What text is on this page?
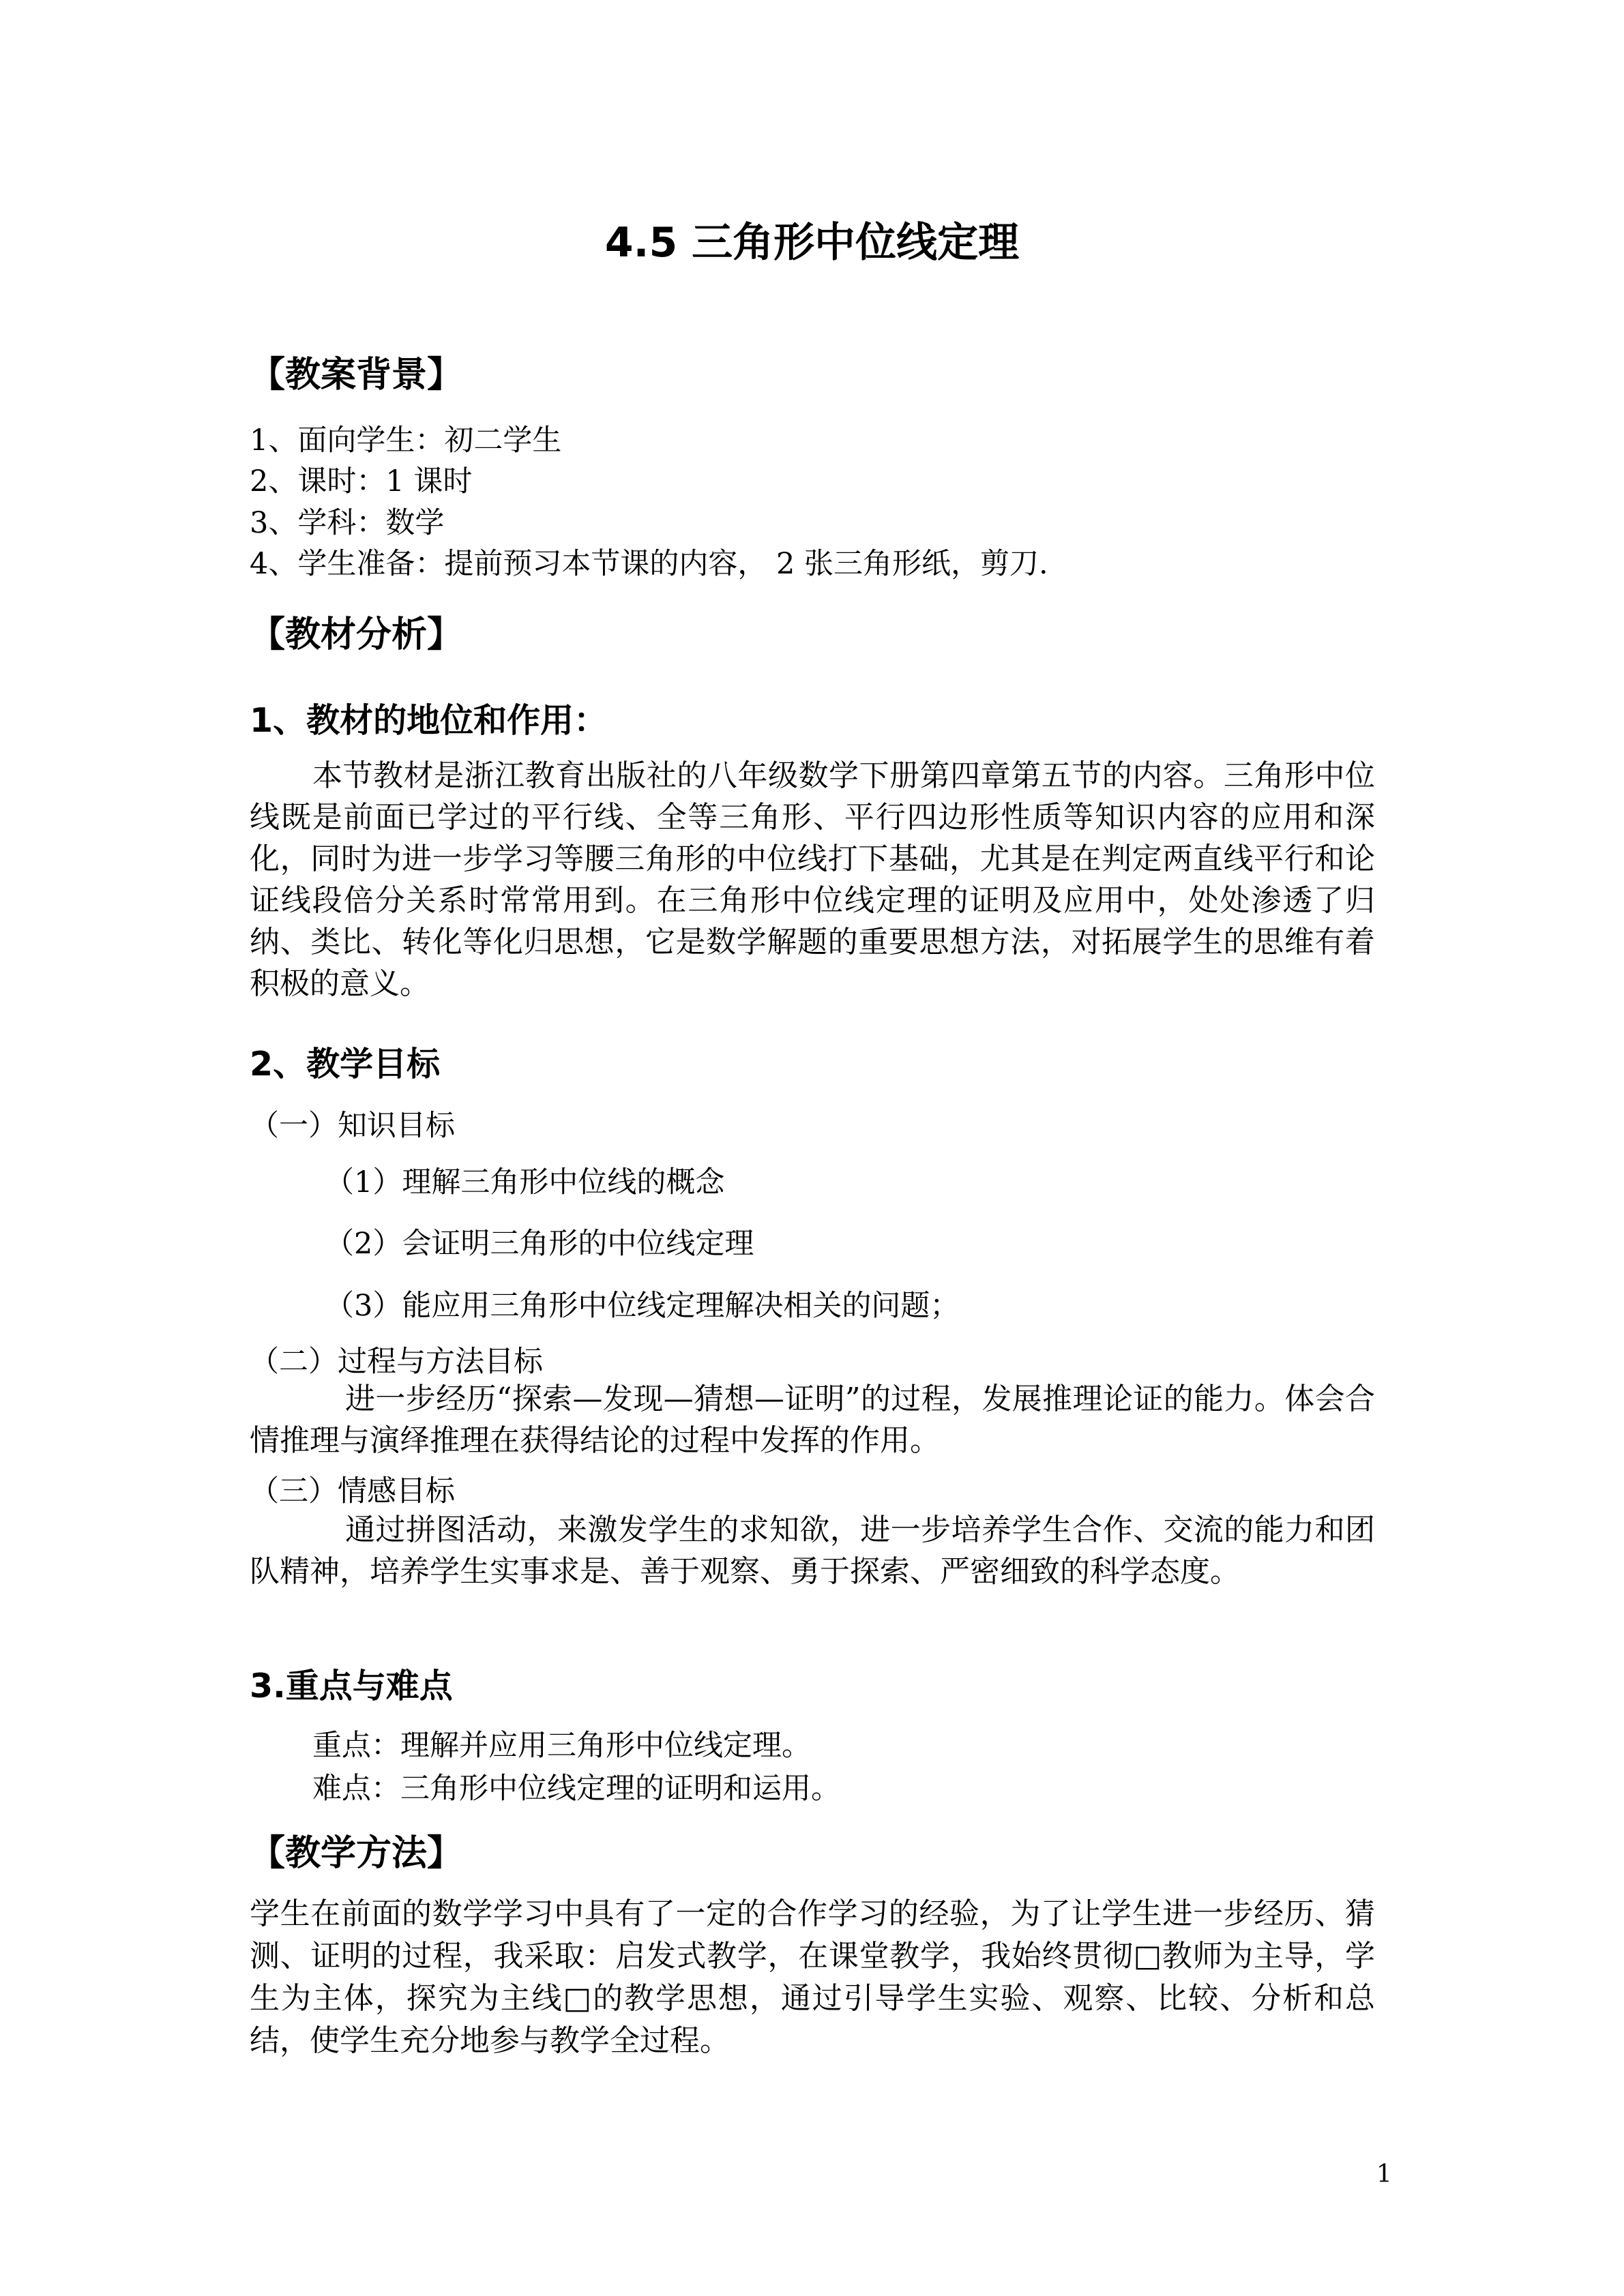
4.5 三角形中位线定理
【教案背景】
1、面向学生：初二学生
2、课时：1 课时
3、学科：数学
4、学生准备：提前预习本节课的内容， 2 张三角形纸，剪刀.
【教材分析】
1、教材的地位和作用：
本节教材是浙江教育出版社的八年级数学下册第四章第五节的内容。三角形中位线既是前面已学过的平行线、全等三角形、平行四边形性质等知识内容的应用和深化，同时为进一步学习等腰三角形的中位线打下基础，尤其是在判定两直线平行和论证线段倍分关系时常常用到。在三角形中位线定理的证明及应用中，处处渗透了归纳、类比、转化等化归思想，它是数学解题的重要思想方法，对拓展学生的思维有着积极的意义。
2、教学目标
（一）知识目标
（1）理解三角形中位线的概念
（2）会证明三角形的中位线定理
（3）能应用三角形中位线定理解决相关的问题；
（二）过程与方法目标
进一步经历“探索—发现—猜想—证明”的过程，发展推理论证的能力。体会合情推理与演绎推理在获得结论的过程中发挥的作用。
（三）情感目标
通过拼图活动，来激发学生的求知欲，进一步培养学生合作、交流的能力和团队精神，培养学生实事求是、善于观察、勇于探索、严密细致的科学态度。
3.重点与难点
重点：理解并应用三角形中位线定理。
难点：三角形中位线定理的证明和运用。
【教学方法】
学生在前面的数学学习中具有了一定的合作学习的经验，为了让学生进一步经历、猜测、证明的过程，我采取：启发式教学，在课堂教学，我始终贯彻□教师为主导，学生为主体，探究为主线□的教学思想，通过引导学生实验、观察、比较、分析和总结，使学生充分地参与教学全过程。
1
